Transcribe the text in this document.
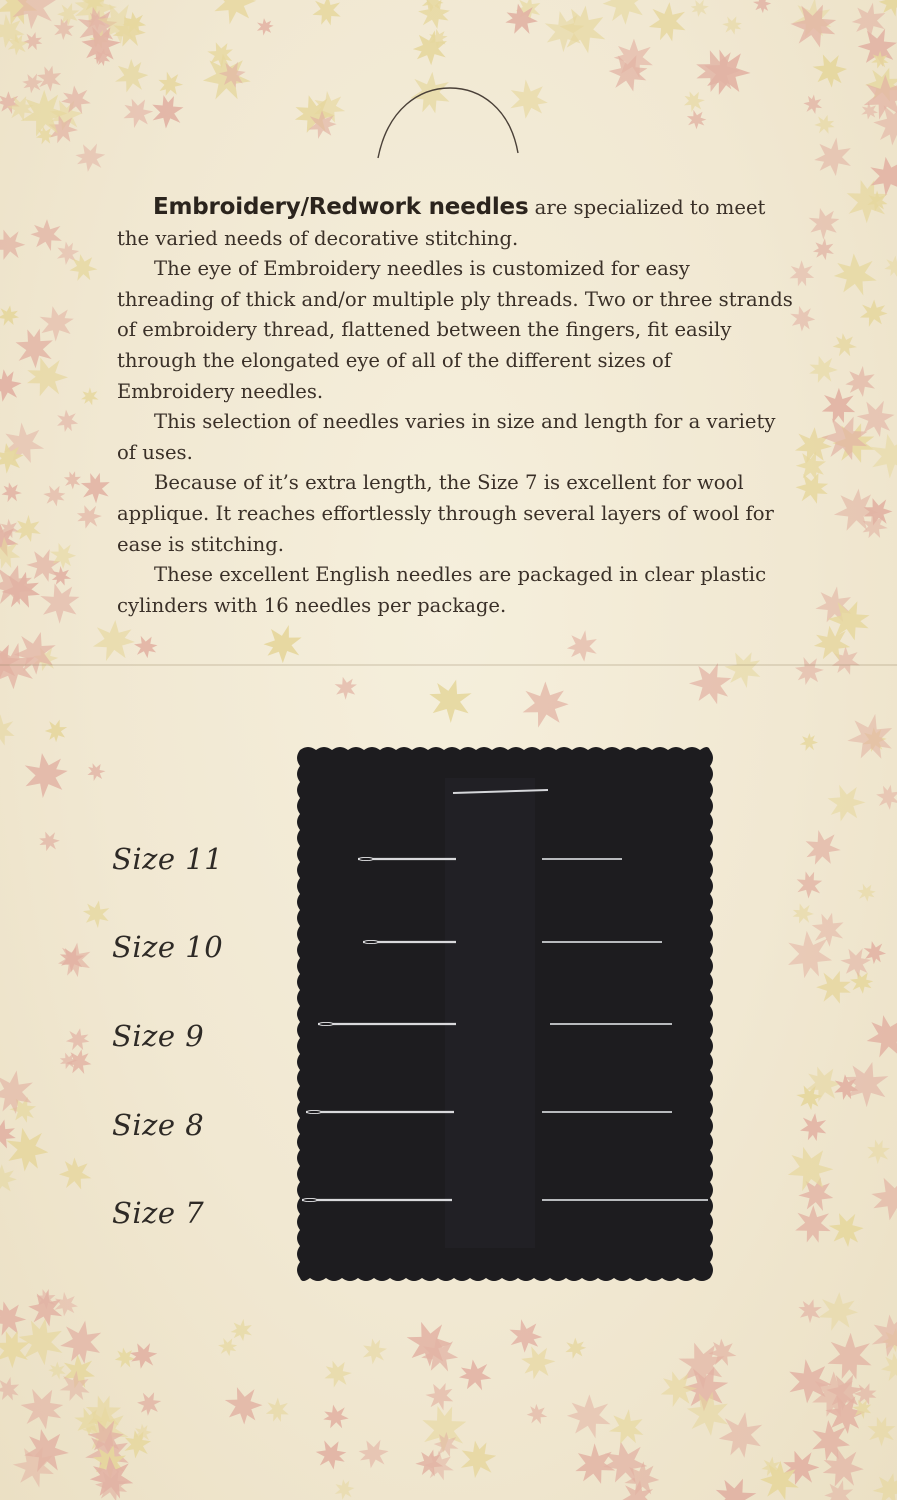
Embroidery/Redwork needles are specialized to meet the varied needs of decorative stitching.

The eye of Embroidery needles is customized for easy threading of thick and/or multiple ply threads. Two or three strands of embroidery thread, flattened between the fingers, fit easily through the elongated eye of all of the different sizes of Embroidery needles.

This selection of needles varies in size and length for a variety of uses.

Because of it’s extra length, the Size 7 is excellent for wool applique. It reaches effortlessly through several layers of wool for ease is stitching.

These excellent English needles are packaged in clear plastic cylinders with 16 needles per package.

Size 11
Size 10
Size 9
Size 8
Size 7
